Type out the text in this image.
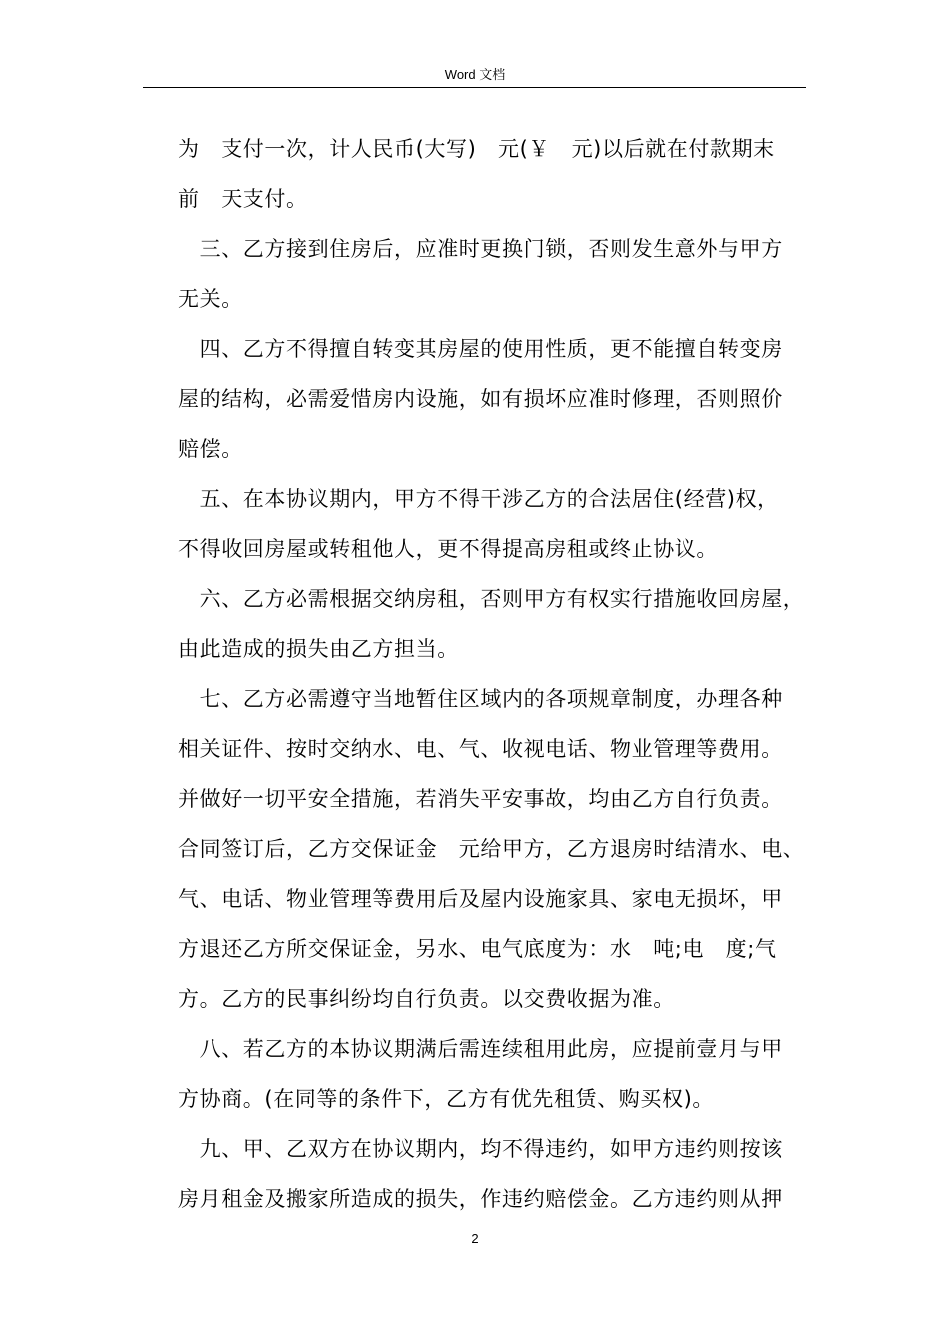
Word 文档
为　支付一次，计人民币(大写)　元(￥　元)以后就在付款期末
前　天支付。
　三、乙方接到住房后，应准时更换门锁，否则发生意外与甲方
无关。
　四、乙方不得擅自转变其房屋的使用性质，更不能擅自转变房
屋的结构，必需爱惜房内设施，如有损坏应准时修理，否则照价
赔偿。
　五、在本协议期内，甲方不得干涉乙方的合法居住(经营)权，
不得收回房屋或转租他人，更不得提高房租或终止协议。
　六、乙方必需根据交纳房租，否则甲方有权实行措施收回房屋，
由此造成的损失由乙方担当。
　七、乙方必需遵守当地暂住区域内的各项规章制度，办理各种
相关证件、按时交纳水、电、气、收视电话、物业管理等费用。
并做好一切平安全措施，若消失平安事故，均由乙方自行负责。
合同签订后，乙方交保证金　元给甲方，乙方退房时结清水、电、
气、电话、物业管理等费用后及屋内设施家具、家电无损坏，甲
方退还乙方所交保证金，另水、电气底度为：水　吨;电　度;气
方。乙方的民事纠纷均自行负责。以交费收据为准。
　八、若乙方的本协议期满后需连续租用此房，应提前壹月与甲
方协商。(在同等的条件下，乙方有优先租赁、购买权)。
　九、甲、乙双方在协议期内，均不得违约，如甲方违约则按该
房月租金及搬家所造成的损失，作违约赔偿金。乙方违约则从押
2
